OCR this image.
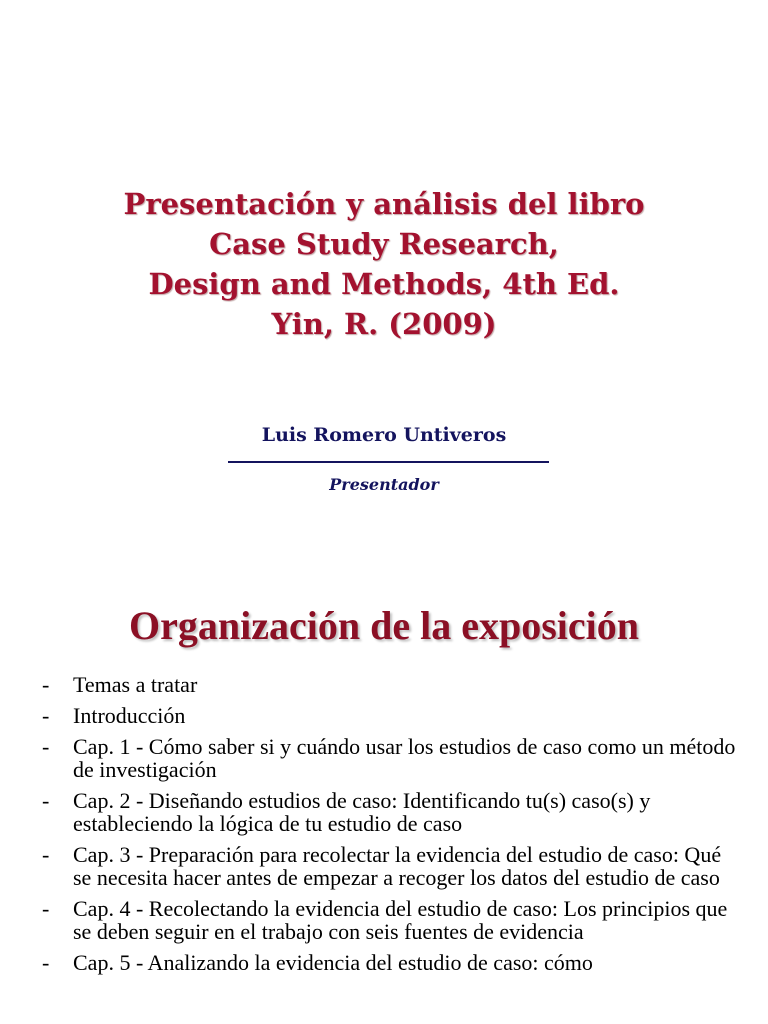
Presentación y análisis del libro
Case Study Research,
Design and Methods, 4th Ed.
Yin, R. (2009)
Luis Romero Untiveros
Presentador
Organización de la exposición
- Temas a tratar
- Introducción
- Cap. 1 - Cómo saber si y cuándo usar los estudios de caso como un método de investigación
- Cap. 2 - Diseñando estudios de caso: Identificando tu(s) caso(s) y estableciendo la lógica de tu estudio de caso
- Cap. 3 - Preparación para recolectar la evidencia del estudio de caso: Qué se necesita hacer antes de empezar a recoger los datos del estudio de caso
- Cap. 4 - Recolectando la evidencia del estudio de caso: Los principios que se deben seguir en el trabajo con seis fuentes de evidencia
- Cap. 5 - Analizando la evidencia del estudio de caso: cómo
